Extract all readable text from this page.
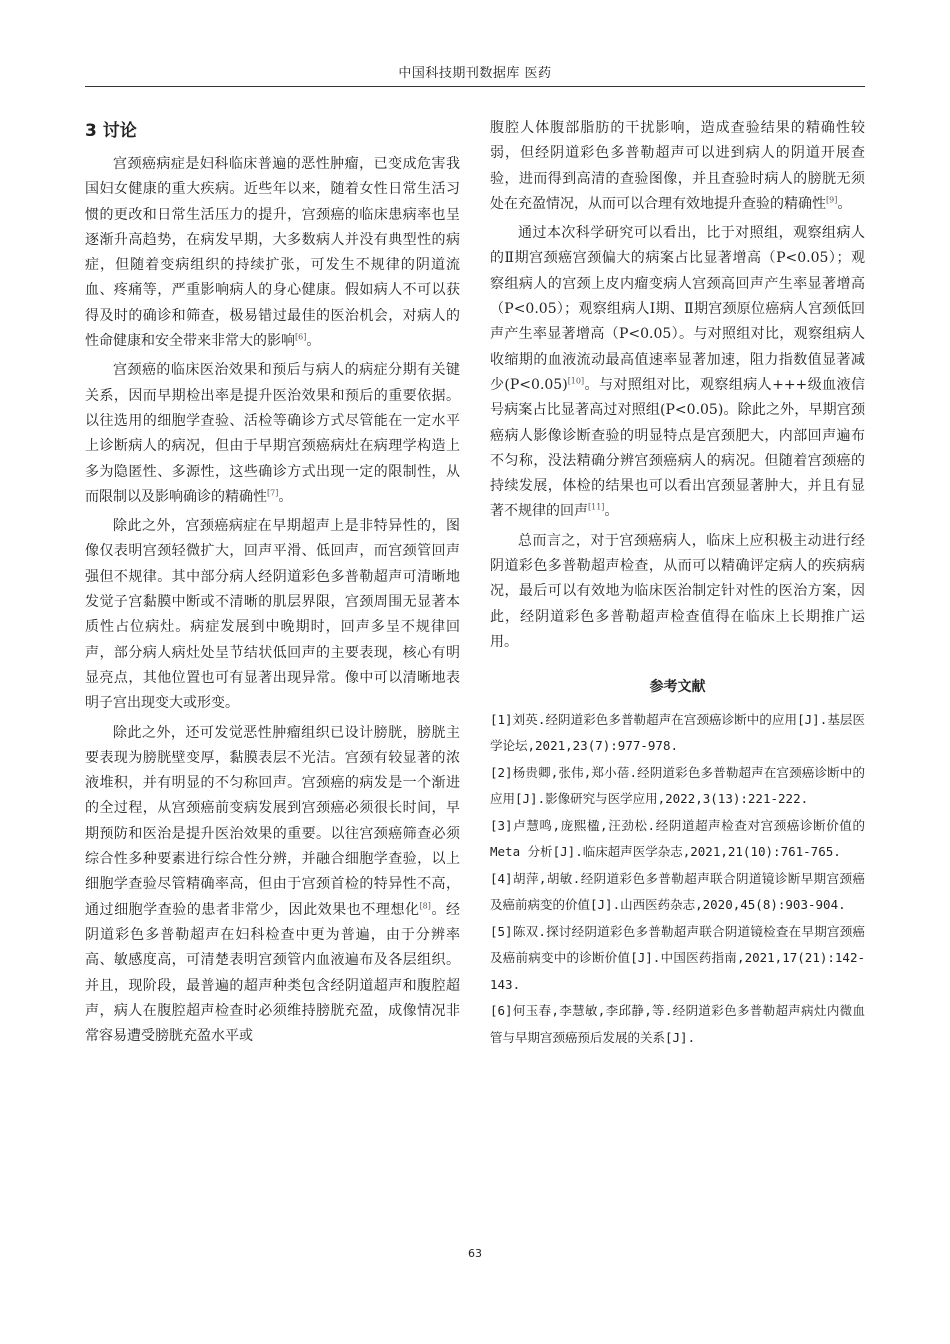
中国科技期刊数据库 医药
3 讨论

宫颈癌病症是妇科临床普遍的恶性肿瘤，已变成危害我国妇女健康的重大疾病。近些年以来，随着女性日常生活习惯的更改和日常生活压力的提升，宫颈癌的临床患病率也呈逐渐升高趋势，在病发早期，大多数病人并没有典型性的病症，但随着变病组织的持续扩张，可发生不规律的阴道流血、疼痛等，严重影响病人的身心健康。假如病人不可以获得及时的确诊和筛查，极易错过最佳的医治机会，对病人的性命健康和安全带来非常大的影响[6]。

宫颈癌的临床医治效果和预后与病人的病症分期有关键关系，因而早期检出率是提升医治效果和预后的重要依据。以往选用的细胞学查验、活检等确诊方式尽管能在一定水平上诊断病人的病况，但由于早期宫颈癌病灶在病理学构造上多为隐匿性、多源性，这些确诊方式出现一定的限制性，从而限制以及影响确诊的精确性[7]。

除此之外，宫颈癌病症在早期超声上是非特异性的，图像仅表明宫颈轻微扩大，回声平滑、低回声，而宫颈管回声强但不规律。其中部分病人经阴道彩色多普勒超声可清晰地发觉子宫黏膜中断或不清晰的肌层界限，宫颈周围无显著本质性占位病灶。病症发展到中晚期时，回声多呈不规律回声，部分病人病灶处呈节结状低回声的主要表现，核心有明显亮点，其他位置也可有显著出现异常。像中可以清晰地表明子宫出现变大或形变。

除此之外，还可发觉恶性肿瘤组织已设计膀胱，膀胱主要表现为膀胱壁变厚，黏膜表层不光洁。宫颈有较显著的浓液堆积，并有明显的不匀称回声。宫颈癌的病发是一个渐进的全过程，从宫颈癌前变病发展到宫颈癌必须很长时间，早期预防和医治是提升医治效果的重要。以往宫颈癌筛查必须综合性多种要素进行综合性分辨，并融合细胞学查验，以上细胞学查验尽管精确率高，但由于宫颈首检的特异性不高，通过细胞学查验的患者非常少，因此效果也不理想化[8]。经阴道彩色多普勒超声在妇科检查中更为普遍，由于分辨率高、敏感度高，可清楚表明宫颈管内血液遍布及各层组织。并且，现阶段，最普遍的超声种类包含经阴道超声和腹腔超声，病人在腹腔超声检查时必须维持膀胱充盈，成像情况非常容易遭受膀胱充盈水平或

腹腔人体腹部脂肪的干扰影响，造成查验结果的精确性较弱，但经阴道彩色多普勒超声可以进到病人的阴道开展查验，进而得到高清的查验图像，并且查验时病人的膀胱无须处在充盈情况，从而可以合理有效地提升查验的精确性[9]。

通过本次科学研究可以看出，比于对照组，观察组病人的Ⅱ期宫颈癌宫颈偏大的病案占比显著增高（P<0.05）；观察组病人的宫颈上皮内瘤变病人宫颈高回声产生率显著增高（P<0.05）；观察组病人Ⅰ期、Ⅱ期宫颈原位癌病人宫颈低回声产生率显著增高（P<0.05）。与对照组对比，观察组病人收缩期的血液流动最高值速率显著加速，阻力指数值显著减少(P<0.05)[10]。与对照组对比，观察组病人+++级血液信号病案占比显著高过对照组(P<0.05)。除此之外，早期宫颈癌病人影像诊断查验的明显特点是宫颈肥大，内部回声遍布不匀称，没法精确分辨宫颈癌病人的病况。但随着宫颈癌的持续发展，体检的结果也可以看出宫颈显著肿大，并且有显著不规律的回声[11]。

总而言之，对于宫颈癌病人，临床上应积极主动进行经阴道彩色多普勒超声检查，从而可以精确评定病人的疾病病况，最后可以有效地为临床医治制定针对性的医治方案，因此，经阴道彩色多普勒超声检查值得在临床上长期推广运用。

参考文献
[1]刘英.经阴道彩色多普勒超声在宫颈癌诊断中的应用[J].基层医学论坛,2021,23(7):977-978.
[2]杨贵卿,张伟,郑小蓓.经阴道彩色多普勒超声在宫颈癌诊断中的应用[J].影像研究与医学应用,2022,3(13):221-222.
[3]卢慧鸣,庞熙楹,汪劲松.经阴道超声检查对宫颈癌诊断价值的 Meta 分析[J].临床超声医学杂志,2021,21(10):761-765.
[4]胡萍,胡敏.经阴道彩色多普勒超声联合阴道镜诊断早期宫颈癌及癌前病变的价值[J].山西医药杂志,2020,45(8):903-904.
[5]陈双.探讨经阴道彩色多普勒超声联合阴道镜检查在早期宫颈癌及癌前病变中的诊断价值[J].中国医药指南,2021,17(21):142-143.
[6]何玉春,李慧敏,李邱静,等.经阴道彩色多普勒超声病灶内微血管与早期宫颈癌预后发展的关系[J].
63
